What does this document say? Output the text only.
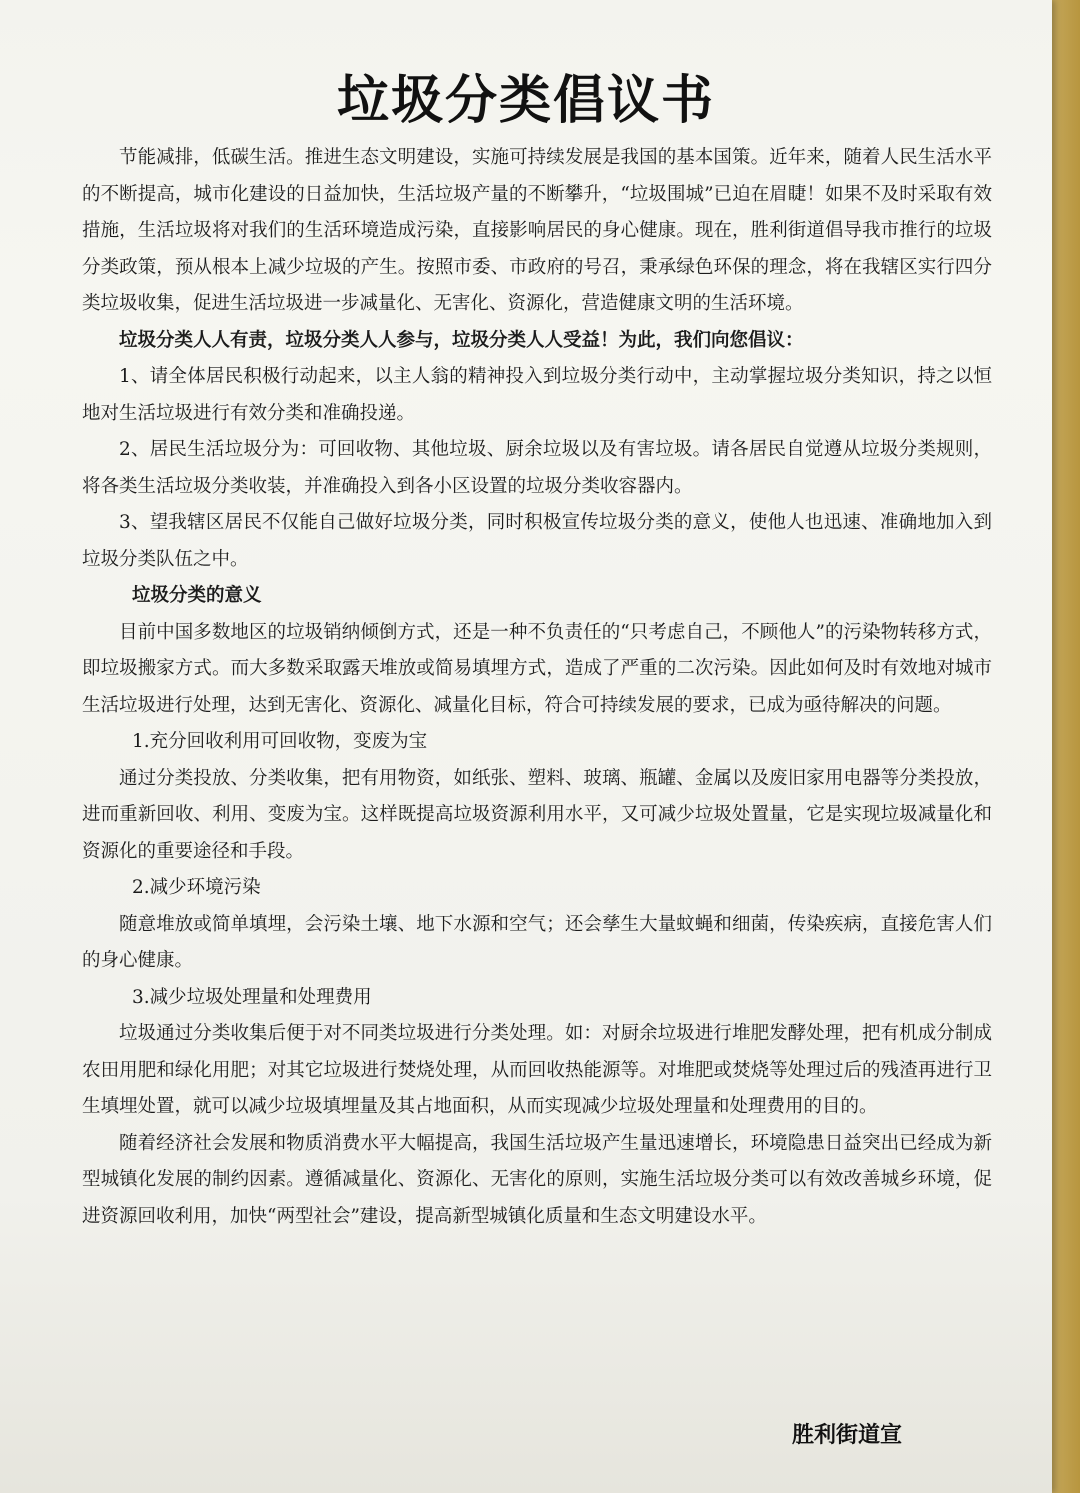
垃圾分类倡议书

节能减排，低碳生活。推进生态文明建设，实施可持续发展是我国的基本国策。近年来，随着人民生活水平的不断提高，城市化建设的日益加快，生活垃圾产量的不断攀升，“垃圾围城”已迫在眉睫！如果不及时采取有效措施，生活垃圾将对我们的生活环境造成污染，直接影响居民的身心健康。现在，胜利街道倡导我市推行的垃圾分类政策，预从根本上减少垃圾的产生。按照市委、市政府的号召，秉承绿色环保的理念，将在我辖区实行四分类垃圾收集，促进生活垃圾进一步减量化、无害化、资源化，营造健康文明的生活环境。

垃圾分类人人有责，垃圾分类人人参与，垃圾分类人人受益！为此，我们向您倡议：

1、请全体居民积极行动起来，以主人翁的精神投入到垃圾分类行动中，主动掌握垃圾分类知识，持之以恒地对生活垃圾进行有效分类和准确投递。

2、居民生活垃圾分为：可回收物、其他垃圾、厨余垃圾以及有害垃圾。请各居民自觉遵从垃圾分类规则，将各类生活垃圾分类收装，并准确投入到各小区设置的垃圾分类收容器内。

3、望我辖区居民不仅能自己做好垃圾分类，同时积极宣传垃圾分类的意义，使他人也迅速、准确地加入到垃圾分类队伍之中。

垃圾分类的意义

目前中国多数地区的垃圾销纳倾倒方式，还是一种不负责任的“只考虑自己，不顾他人”的污染物转移方式，即垃圾搬家方式。而大多数采取露天堆放或简易填埋方式，造成了严重的二次污染。因此如何及时有效地对城市生活垃圾进行处理，达到无害化、资源化、减量化目标，符合可持续发展的要求，已成为亟待解决的问题。

1.充分回收利用可回收物，变废为宝

通过分类投放、分类收集，把有用物资，如纸张、塑料、玻璃、瓶罐、金属以及废旧家用电器等分类投放，进而重新回收、利用、变废为宝。这样既提高垃圾资源利用水平，又可减少垃圾处置量，它是实现垃圾减量化和资源化的重要途径和手段。

2.减少环境污染

随意堆放或简单填埋，会污染土壤、地下水源和空气；还会孳生大量蚊蝇和细菌，传染疾病，直接危害人们的身心健康。

3.减少垃圾处理量和处理费用

垃圾通过分类收集后便于对不同类垃圾进行分类处理。如：对厨余垃圾进行堆肥发酵处理，把有机成分制成农田用肥和绿化用肥；对其它垃圾进行焚烧处理，从而回收热能源等。对堆肥或焚烧等处理过后的残渣再进行卫生填埋处置，就可以减少垃圾填埋量及其占地面积，从而实现减少垃圾处理量和处理费用的目的。

随着经济社会发展和物质消费水平大幅提高，我国生活垃圾产生量迅速增长，环境隐患日益突出已经成为新型城镇化发展的制约因素。遵循减量化、资源化、无害化的原则，实施生活垃圾分类可以有效改善城乡环境，促进资源回收利用，加快“两型社会”建设，提高新型城镇化质量和生态文明建设水平。

胜利街道宣
